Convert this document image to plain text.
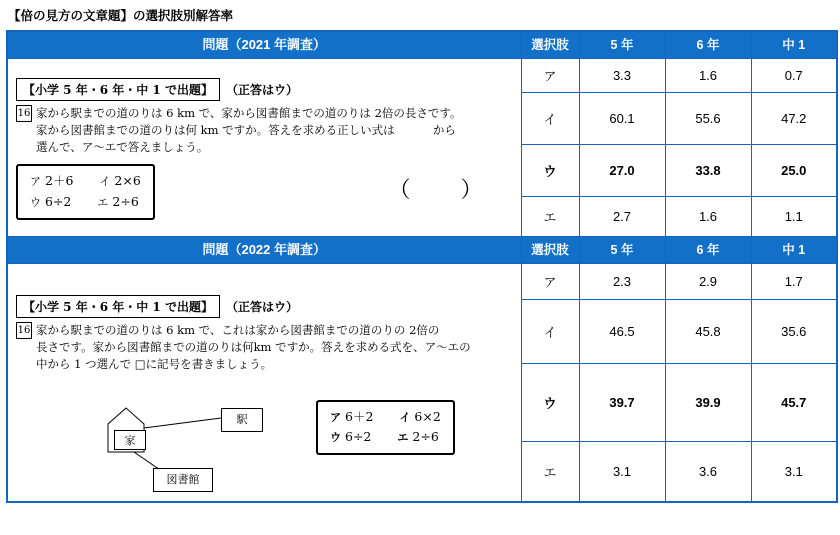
【倍の見方の文章題】の選択肢別解答率
問題（2021 年調査）	選択肢	5 年	6 年	中 1

【小学 5 年・6 年・中 1 で出題】 （正答はウ）
16 家から駅までの道のりは 6 km で、家から図書館までの道のりは 2倍の長さです。
家から図書館までの道のりは何 km ですか。答えを求める正しい式は　　　 から
選んで、ア～エで答えましょう。
ア 2＋6 イ 2×6
ウ 6÷2 エ 2÷6	（　　）
	ア	3.3	1.6	0.7
	イ	60.1	55.6	47.2
	ウ	27.0	33.8	25.0
	エ	2.7	1.6	1.1
問題（2022 年調査）	選択肢	5 年	6 年	中 1

【小学 5 年・6 年・中 1 で出題】 （正答はウ）
16 家から駅までの道のりは 6 km で、これは家から図書館までの道のりの 2倍の
長さです。家から図書館までの道のりは何km ですか。答えを求める式を、ア～エの
中から 1 つ選んで □に記号を書きましょう。
家
駅
図書館
ア 6＋2 イ 6×2
ウ 6÷2 エ 2÷6
	ア	2.3	2.9	1.7
	イ	46.5	45.8	35.6
	ウ	39.7	39.9	45.7
	エ	3.1	3.6	3.1
